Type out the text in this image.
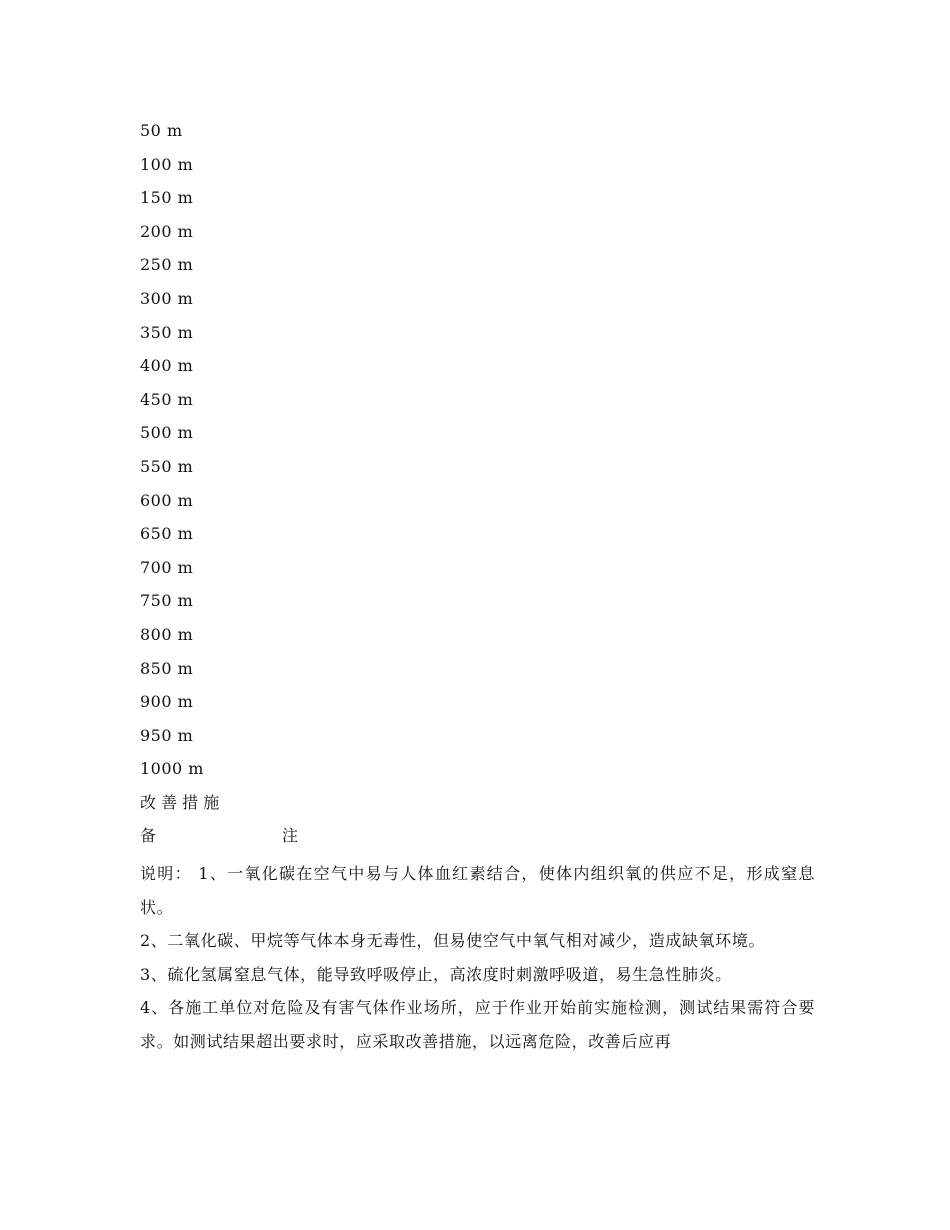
50 m
100 m
150 m
200 m
250 m
300 m
350 m
400 m
450 m
500 m
550 m
600 m
650 m
700 m
750 m
800 m
850 m
900 m
950 m
1000 m
改 善 措 施
备	注
说明： 1、一氧化碳在空气中易与人体血红素结合，使体内组织氧的供应不足，形成窒息状。
2、二氧化碳、甲烷等气体本身无毒性，但易使空气中氧气相对减少，造成缺氧环境。
3、硫化氢属窒息气体，能导致呼吸停止，高浓度时刺激呼吸道，易生急性肺炎。
4、各施工单位对危险及有害气体作业场所，应于作业开始前实施检测，测试结果需符合要求。如测试结果超出要求时，应采取改善措施，以远离危险，改善后应再
